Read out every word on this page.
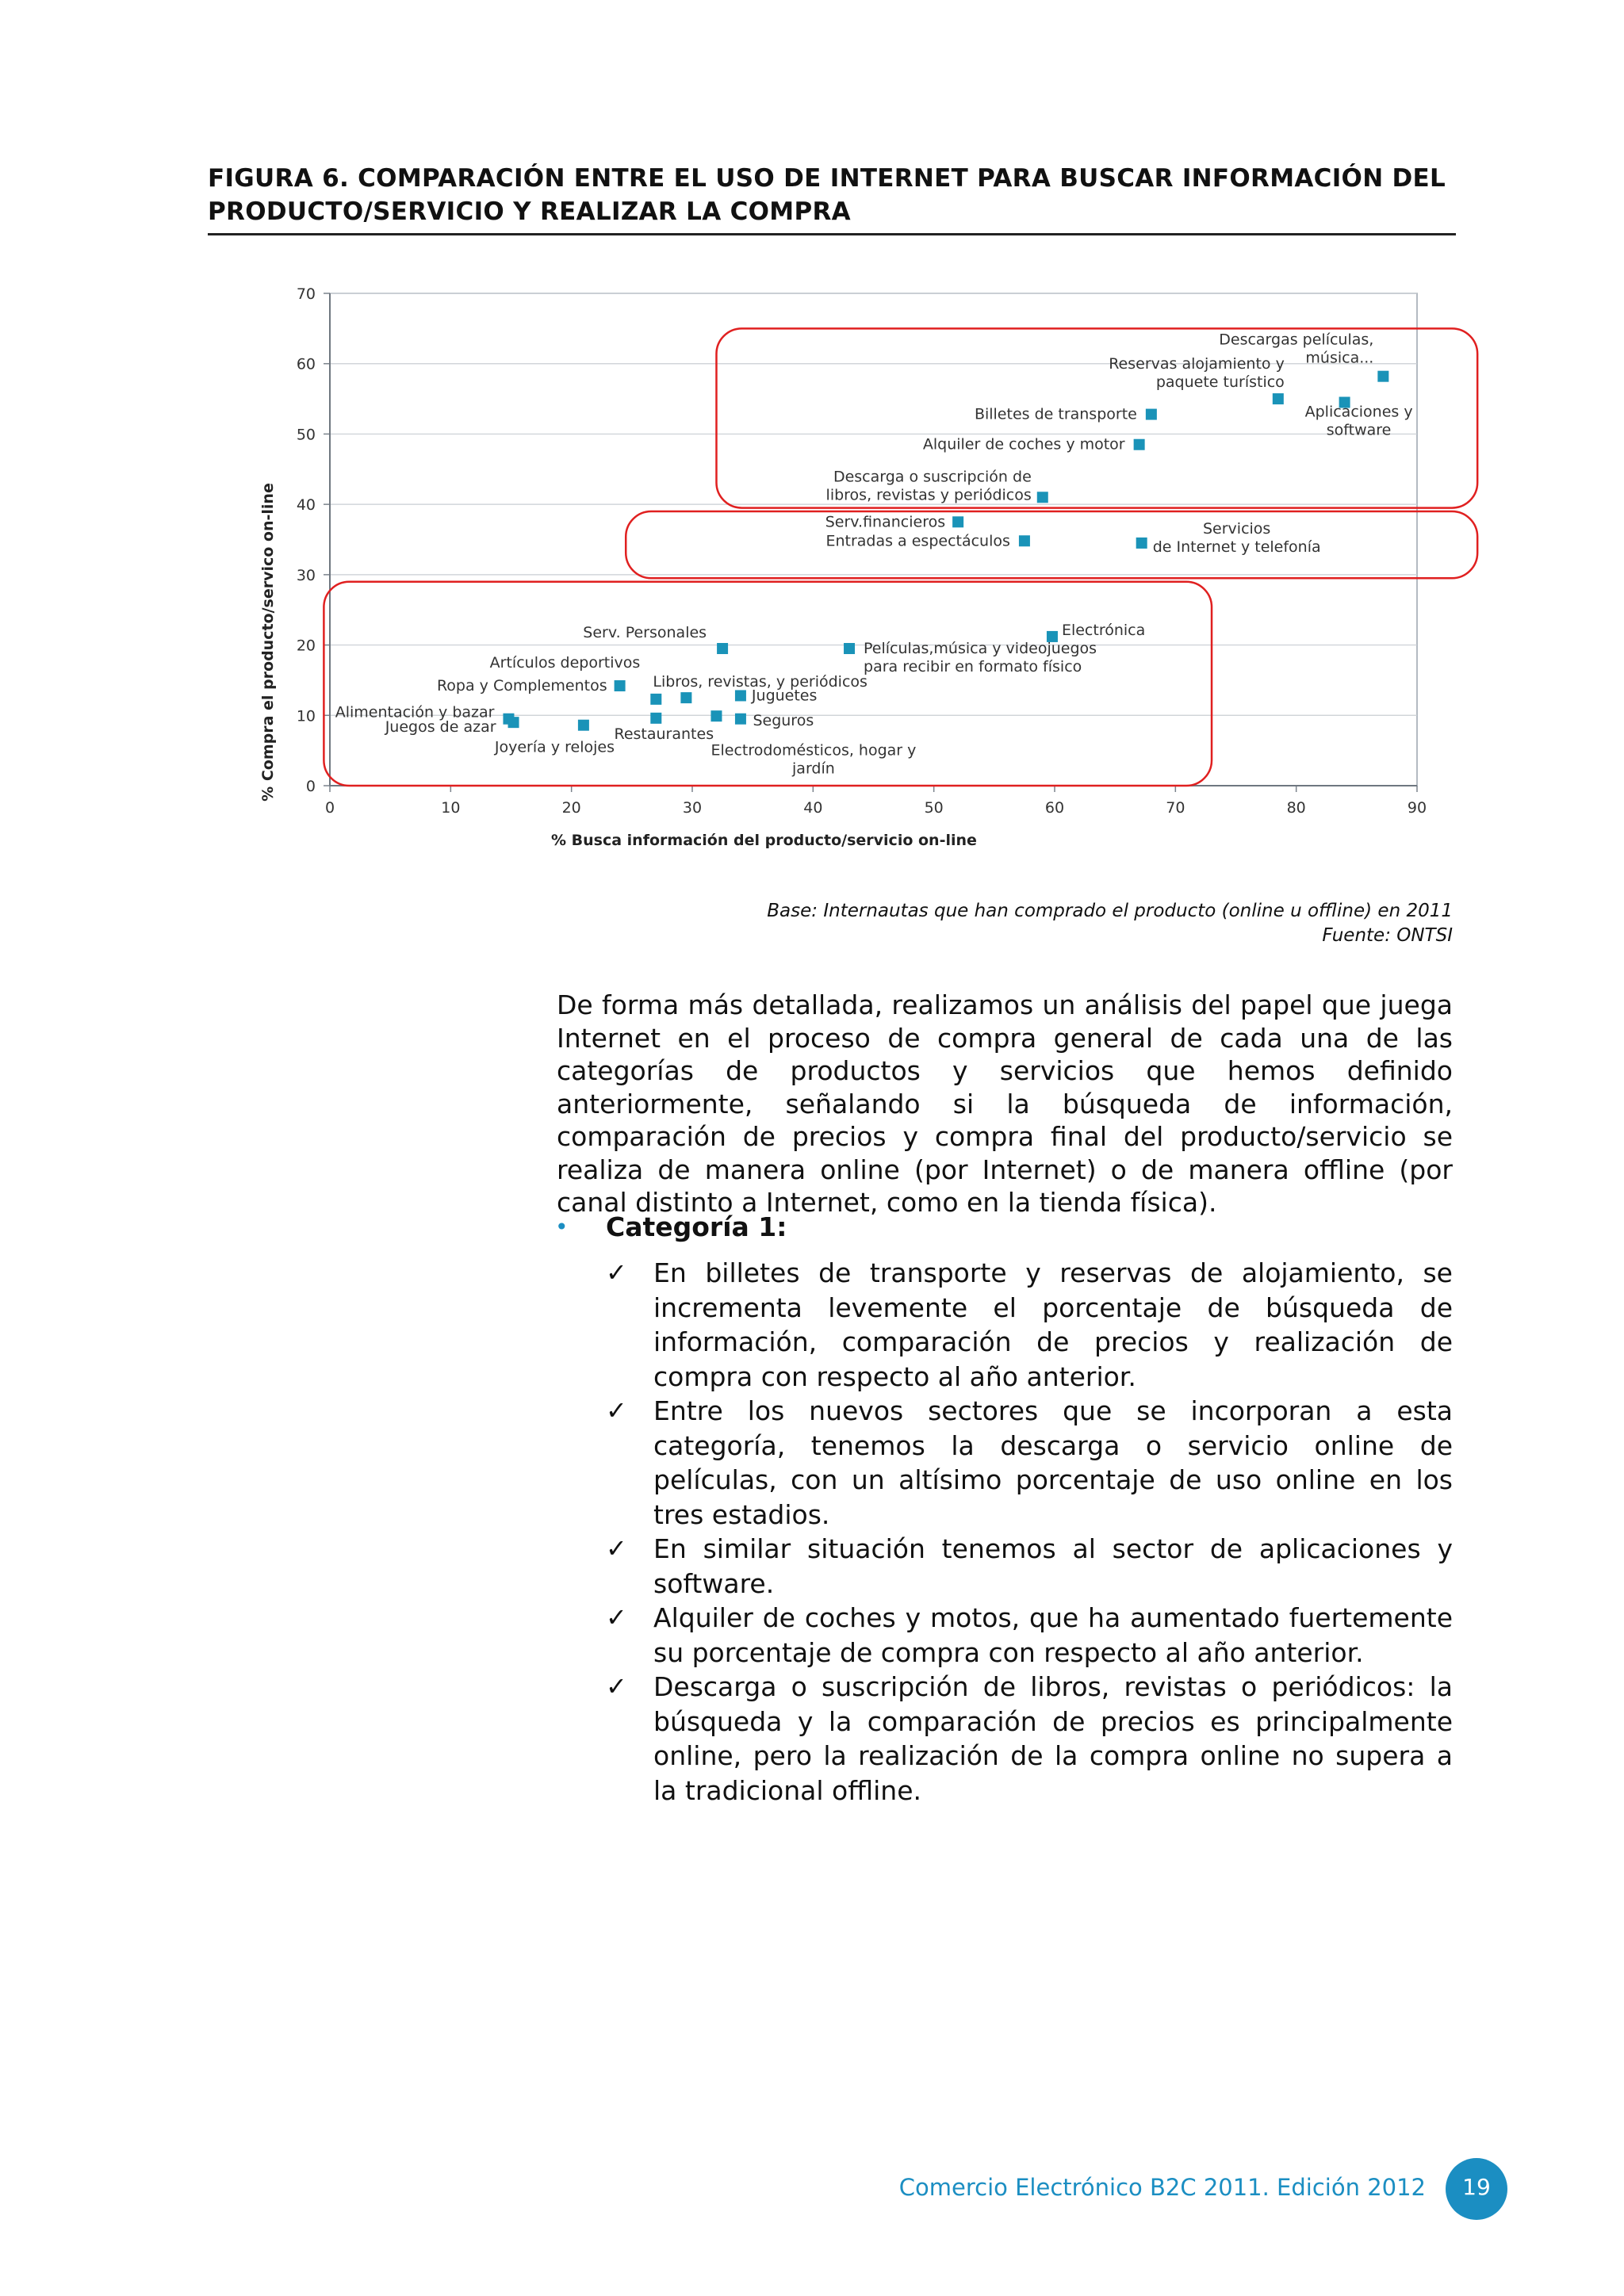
FIGURA 6. COMPARACIÓN ENTRE EL USO DE INTERNET PARA BUSCAR INFORMACIÓN DEL PRODUCTO/SERVICIO Y REALIZAR LA COMPRA
0
10
20
30
40
50
60
70
0	10	20	30	40	50	60	70	80	90
Descargas películas, música...
Reservas alojamiento y paquete turístico
Aplicaciones y software
Billetes de transporte
Alquiler de coches y motor
Descarga o suscripción de libros, revistas y periódicos
Serv.financieros
Entradas a espectáculos
Servicios de Internet y telefonía
Serv. Personales	Electrónica
Películas,música y videojuegos para recibir en formato físico
Artículos deportivos
Ropa y Complementos	Libros, revistas, y periódicos
Juguetes
Alimentación y bazar
Juegos de azar
Joyería y relojes
Restaurantes
Seguros
Electrodomésticos, hogar y jardín
% Busca información del producto/servicio on-line
% Compra el producto/servico on-line
Base: Internautas que han comprado el producto (online u offline) en 2011
Fuente: ONTSI

De forma más detallada, realizamos un análisis del papel que juega Internet en el proceso de compra general de cada una de las categorías de productos y servicios que hemos definido anteriormente, señalando si la búsqueda de información, comparación de precios y compra final del producto/servicio se realiza de manera online (por Internet) o de manera offline (por canal distinto a Internet, como en la tienda física).

• Categoría 1:
✓ En billetes de transporte y reservas de alojamiento, se incrementa levemente el porcentaje de búsqueda de información, comparación de precios y realización de compra con respecto al año anterior.
✓ Entre los nuevos sectores que se incorporan a esta categoría, tenemos la descarga o servicio online de películas, con un altísimo porcentaje de uso online en los tres estadios.
✓ En similar situación tenemos al sector de aplicaciones y software.
✓ Alquiler de coches y motos, que ha aumentado fuertemente su porcentaje de compra con respecto al año anterior.
✓ Descarga o suscripción de libros, revistas o periódicos: la búsqueda y la comparación de precios es principalmente online, pero la realización de la compra online no supera a la tradicional offline.
Comercio Electrónico B2C 2011. Edición 2012	19
